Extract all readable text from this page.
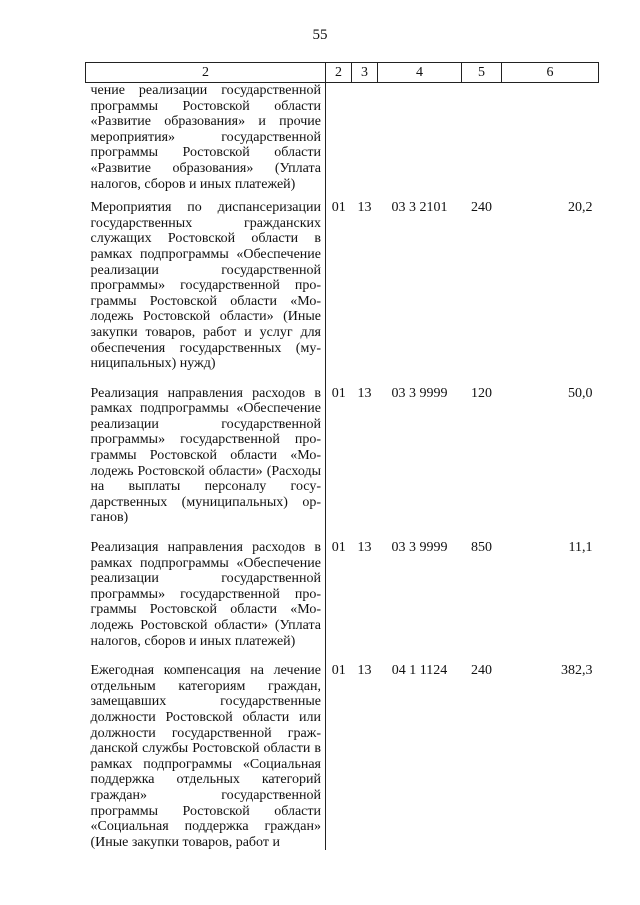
55
2	2	3	4	5	6
чение реализации государственной программы Ростовской области «Развитие образования» и прочие мероприятия» государственной программы Ростовской области «Развитие образования» (Уплата налогов, сборов и иных платежей)					
Мероприятия по диспансеризации государственных гражданских служащих Ростовской области в рамках подпрограммы «Обеспечение реализации государственной программы» государственной программы Ростовской области «Молодежь Ростовской области» (Иные закупки товаров, работ и услуг для обеспечения государственных (муниципальных) нужд)	01	13	03 3 2101	240	20,2
Реализация направления расходов в рамках подпрограммы «Обеспечение реализации государственной программы» государственной программы Ростовской области «Молодежь Ростовской области» (Расходы на выплаты персоналу государственных (муниципальных) органов)	01	13	03 3 9999	120	50,0
Реализация направления расходов в рамках подпрограммы «Обеспечение реализации государственной программы» государственной программы Ростовской области «Молодежь Ростовской области» (Уплата налогов, сборов и иных платежей)	01	13	03 3 9999	850	11,1
Ежегодная компенсация на лечение отдельным категориям граждан, замещавших государственные должности Ростовской области или должности государственной гражданской службы Ростовской области в рамках подпрограммы «Социальная поддержка отдельных категорий граждан» государственной программы Ростовской области «Социальная поддержка граждан» (Иные закупки товаров, работ и	01	13	04 1 1124	240	382,3
